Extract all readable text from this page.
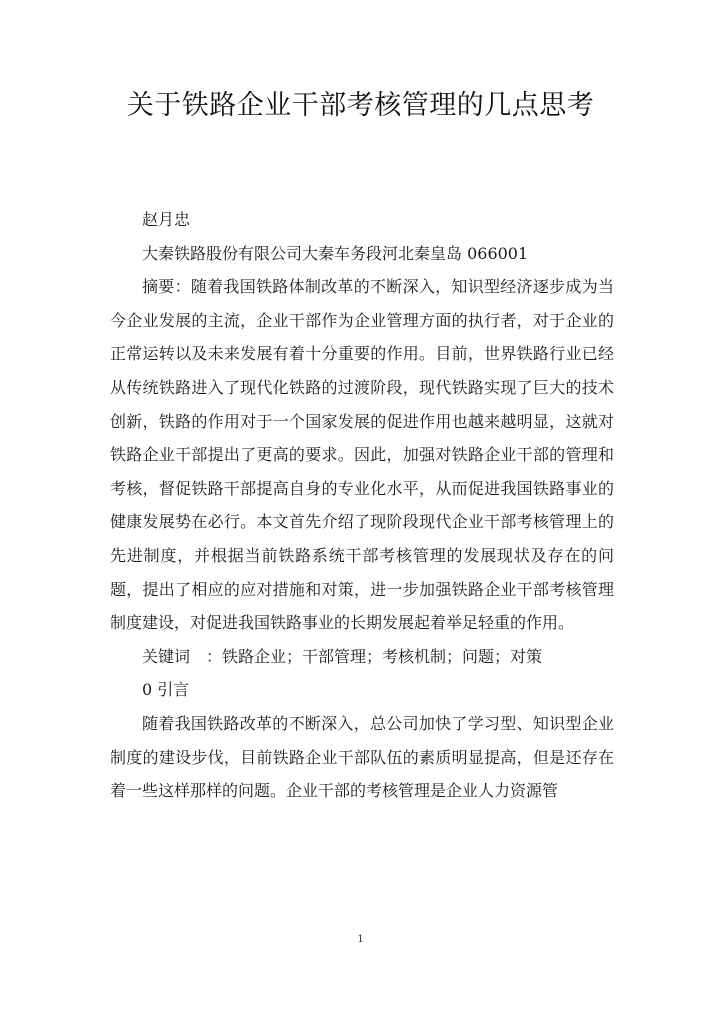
关于铁路企业干部考核管理的几点思考

赵月忠

大秦铁路股份有限公司大秦车务段河北秦皇岛 066001

摘要：随着我国铁路体制改革的不断深入，知识型经济逐步成为当今企业发展的主流，企业干部作为企业管理方面的执行者，对于企业的正常运转以及未来发展有着十分重要的作用。目前，世界铁路行业已经从传统铁路进入了现代化铁路的过渡阶段，现代铁路实现了巨大的技术创新，铁路的作用对于一个国家发展的促进作用也越来越明显，这就对铁路企业干部提出了更高的要求。因此，加强对铁路企业干部的管理和考核，督促铁路干部提高自身的专业化水平，从而促进我国铁路事业的健康发展势在必行。本文首先介绍了现阶段现代企业干部考核管理上的先进制度，并根据当前铁路系统干部考核管理的发展现状及存在的问题，提出了相应的应对措施和对策，进一步加强铁路企业干部考核管理制度建设，对促进我国铁路事业的长期发展起着举足轻重的作用。

关键词　：铁路企业；干部管理；考核机制；问题；对策

0 引言

随着我国铁路改革的不断深入，总公司加快了学习型、知识型企业制度的建设步伐，目前铁路企业干部队伍的素质明显提高，但是还存在着一些这样那样的问题。企业干部的考核管理是企业人力资源管

1
